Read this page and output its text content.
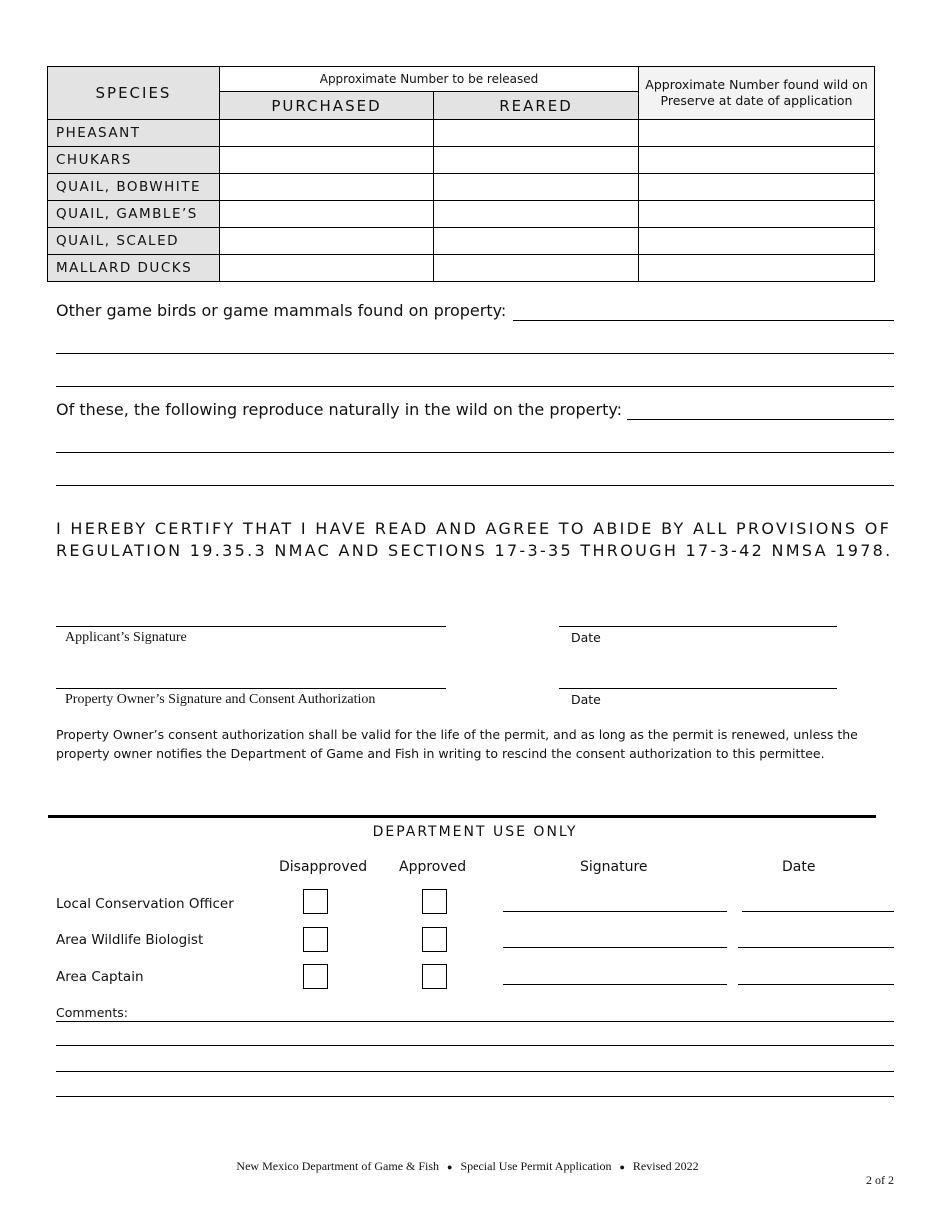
SPECIES	Approximate Number to be released		Approximate Number found wild on Preserve at date of application
	PURCHASED	REARED	
PHEASANT			
CHUKARS			
QUAIL, BOBWHITE			
QUAIL, GAMBLE’S			
QUAIL, SCALED			
MALLARD DUCKS			
Other game birds or game mammals found on property:
Of these, the following reproduce naturally in the wild on the property:
I HEREBY CERTIFY THAT I HAVE READ AND AGREE TO ABIDE BY ALL PROVISIONS OF REGULATION 19.35.3 NMAC AND SECTIONS 17-3-35 THROUGH 17-3-42 NMSA 1978.
Applicant’s Signature	Date
Property Owner’s Signature and Consent Authorization	Date
Property Owner’s consent authorization shall be valid for the life of the permit, and as long as the permit is renewed, unless the property owner notifies the Department of Game and Fish in writing to rescind the consent authorization to this permittee.
DEPARTMENT USE ONLY
Disapproved Approved	Signature	Date
Local Conservation Officer
Area Wildlife Biologist
Area Captain
Comments:
New Mexico Department of Game & Fish ● Special Use Permit Application ● Revised 2022
2 of 2
